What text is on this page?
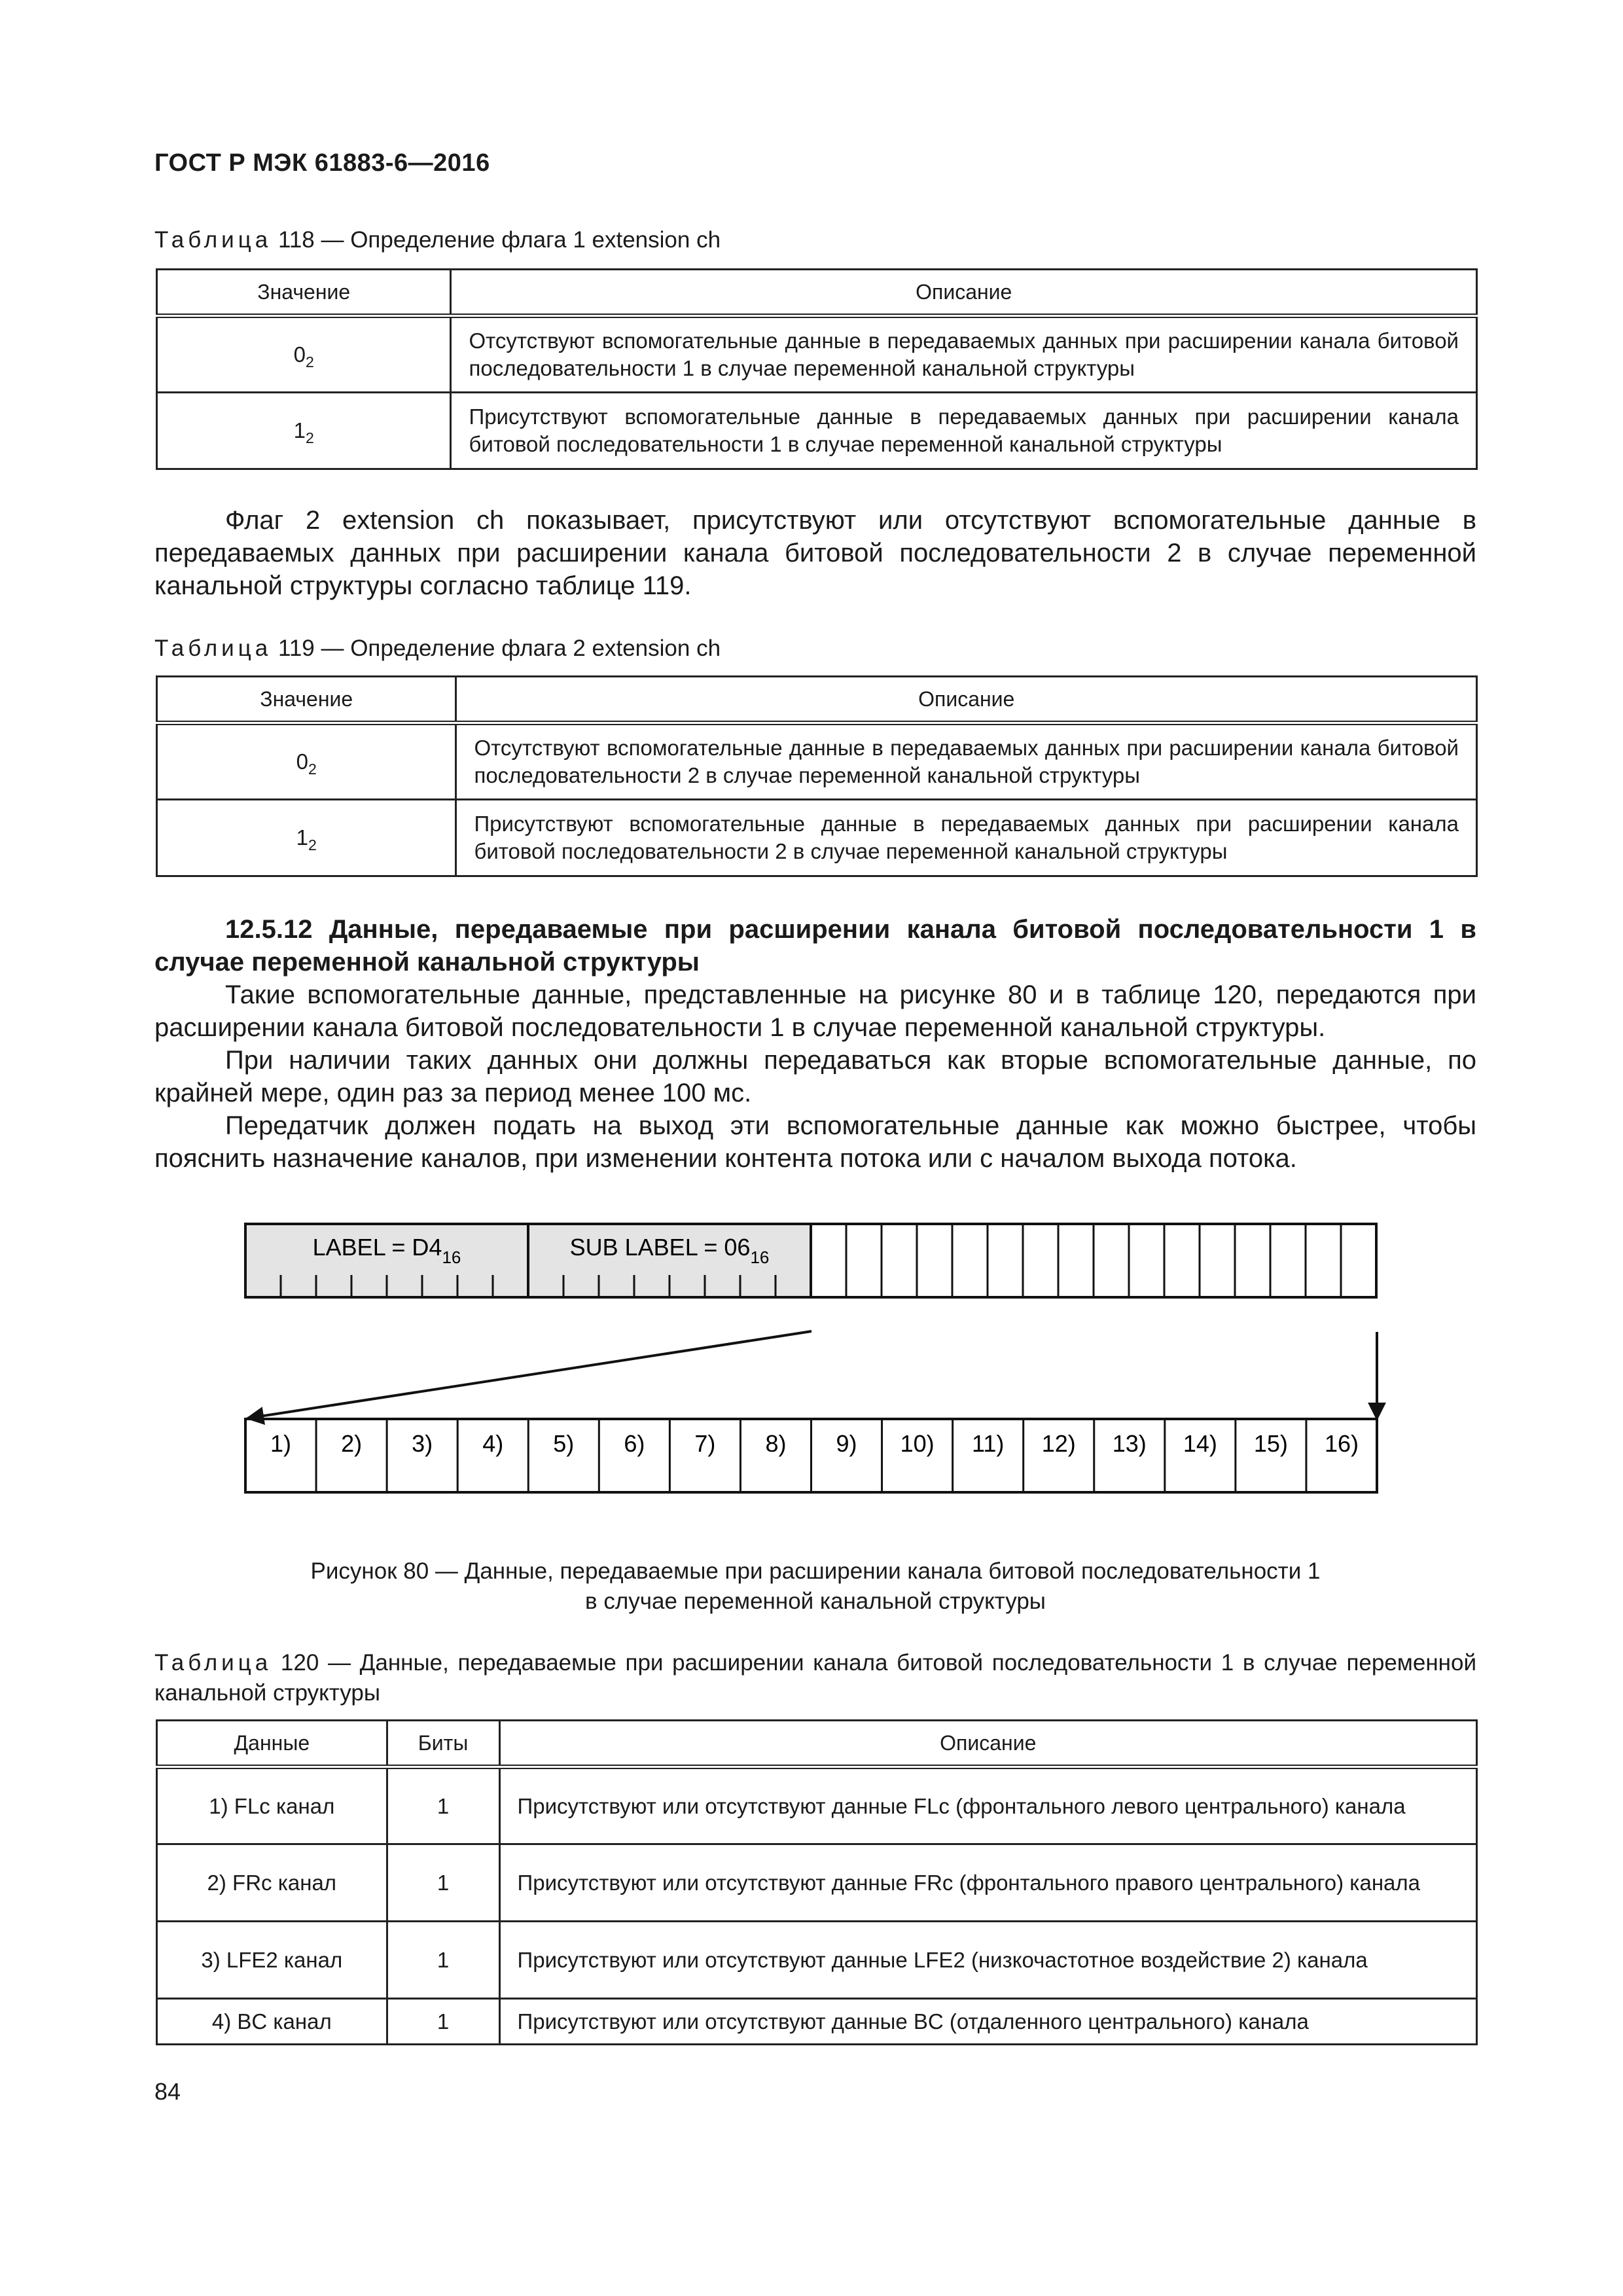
ГОСТ Р МЭК 61883-6—2016
Таблица 118 — Определение флага 1 extension ch
Значение	Описание
$0_2$	Отсутствуют вспомогательные данные в передаваемых данных при расширении канала битовой последовательности 1 в случае переменной канальной структуры
$1_2$	Присутствуют вспомогательные данные в передаваемых данных при расширении канала битовой последовательности 1 в случае переменной канальной структуры
Флаг 2 extension ch показывает, присутствуют или отсутствуют вспомогательные данные в передаваемых данных при расширении канала битовой последовательности 2 в случае переменной канальной структуры согласно таблице 119.
Таблица 119 — Определение флага 2 extension ch
Значение	Описание
$0_2$	Отсутствуют вспомогательные данные в передаваемых данных при расширении канала битовой последовательности 2 в случае переменной канальной структуры
$1_2$	Присутствуют вспомогательные данные в передаваемых данных при расширении канала битовой последовательности 2 в случае переменной канальной структуры
12.5.12 Данные, передаваемые при расширении канала битовой последовательности 1 в случае переменной канальной структуры
Такие вспомогательные данные, представленные на рисунке 80 и в таблице 120, передаются при расширении канала битовой последовательности 1 в случае переменной канальной структуры.
При наличии таких данных они должны передаваться как вторые вспомогательные данные, по крайней мере, один раз за период менее 100 мс.
Передатчик должен подать на выход эти вспомогательные данные как можно быстрее, чтобы пояснить назначение каналов, при изменении контента потока или с началом выхода потока.
LABEL = $D4_{16}$	SUB LABEL = $06_{16}$
1) 2) 3) 4) 5) 6) 7) 8) 9) 10) 11) 12) 13) 14) 15) 16)
Рисунок 80 — Данные, передаваемые при расширении канала битовой последовательности 1
в случае переменной канальной структуры
Таблица 120 — Данные, передаваемые при расширении канала битовой последовательности 1 в случае переменной канальной структуры
Данные	Биты	Описание
1) FLc канал	1	Присутствуют или отсутствуют данные FLc (фронтального левого центрального) канала
2) FRc канал	1	Присутствуют или отсутствуют данные FRc (фронтального правого центрального) канала
3) LFE2 канал	1	Присутствуют или отсутствуют данные LFE2 (низкочастотное воздействие 2) канала
4) BC канал	1	Присутствуют или отсутствуют данные BC (отдаленного центрального) канала
84
